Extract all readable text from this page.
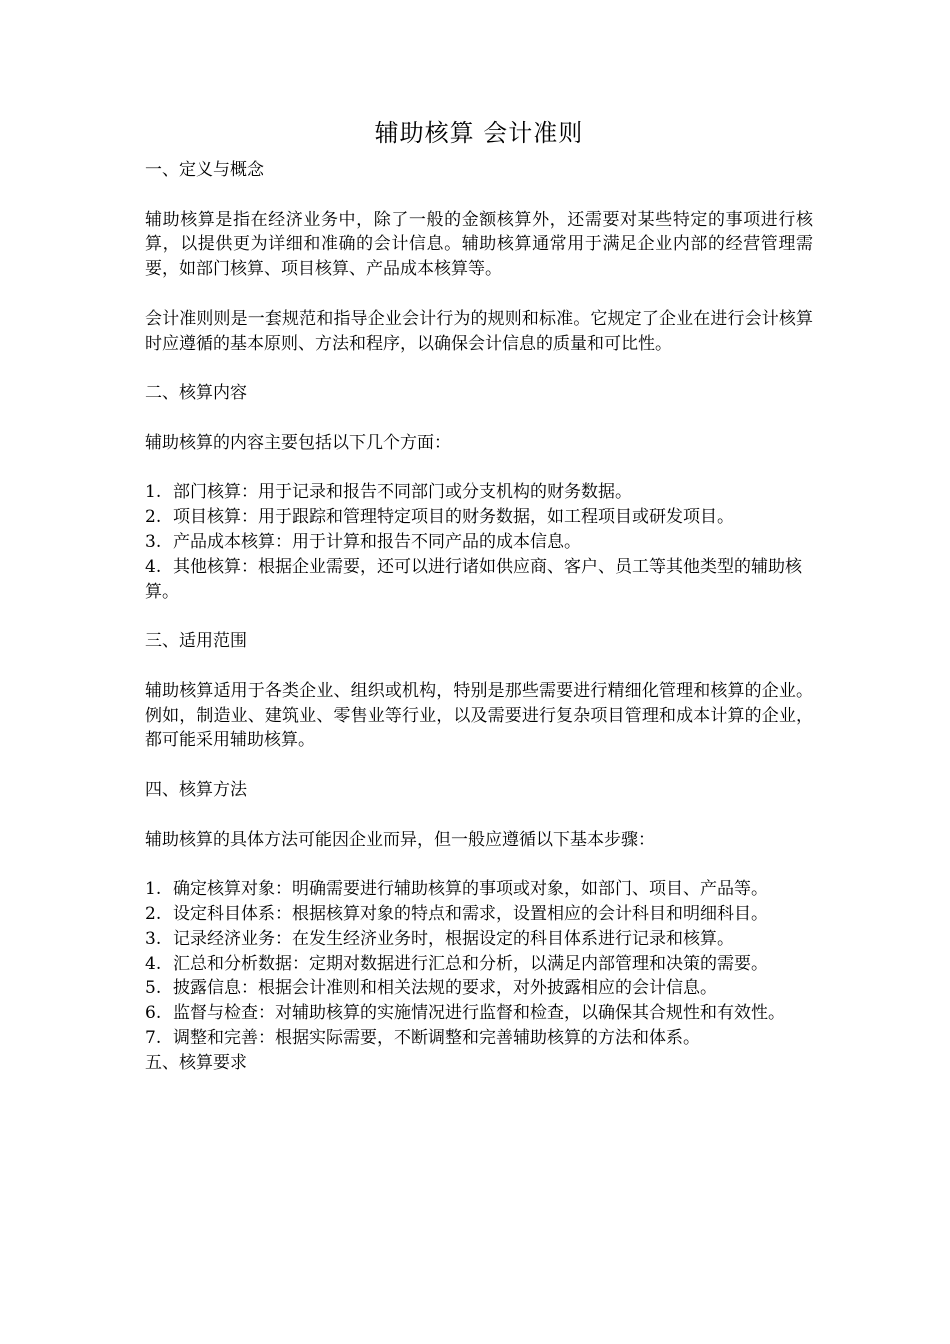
辅助核算 会计准则

一、定义与概念

辅助核算是指在经济业务中，除了一般的金额核算外，还需要对某些特定的事项进行核算，以提供更为详细和准确的会计信息。辅助核算通常用于满足企业内部的经营管理需要，如部门核算、项目核算、产品成本核算等。

会计准则则是一套规范和指导企业会计行为的规则和标准。它规定了企业在进行会计核算时应遵循的基本原则、方法和程序，以确保会计信息的质量和可比性。

二、核算内容

辅助核算的内容主要包括以下几个方面：

1. 部门核算：用于记录和报告不同部门或分支机构的财务数据。

2. 项目核算：用于跟踪和管理特定项目的财务数据，如工程项目或研发项目。

3. 产品成本核算：用于计算和报告不同产品的成本信息。

4. 其他核算：根据企业需要，还可以进行诸如供应商、客户、员工等其他类型的辅助核算。

三、适用范围

辅助核算适用于各类企业、组织或机构，特别是那些需要进行精细化管理和核算的企业。例如，制造业、建筑业、零售业等行业，以及需要进行复杂项目管理和成本计算的企业，都可能采用辅助核算。

四、核算方法

辅助核算的具体方法可能因企业而异，但一般应遵循以下基本步骤：

1. 确定核算对象：明确需要进行辅助核算的事项或对象，如部门、项目、产品等。

2. 设定科目体系：根据核算对象的特点和需求，设置相应的会计科目和明细科目。

3. 记录经济业务：在发生经济业务时，根据设定的科目体系进行记录和核算。

4. 汇总和分析数据：定期对数据进行汇总和分析，以满足内部管理和决策的需要。

5. 披露信息：根据会计准则和相关法规的要求，对外披露相应的会计信息。

6. 监督与检查：对辅助核算的实施情况进行监督和检查，以确保其合规性和有效性。

7. 调整和完善：根据实际需要，不断调整和完善辅助核算的方法和体系。

五、核算要求
